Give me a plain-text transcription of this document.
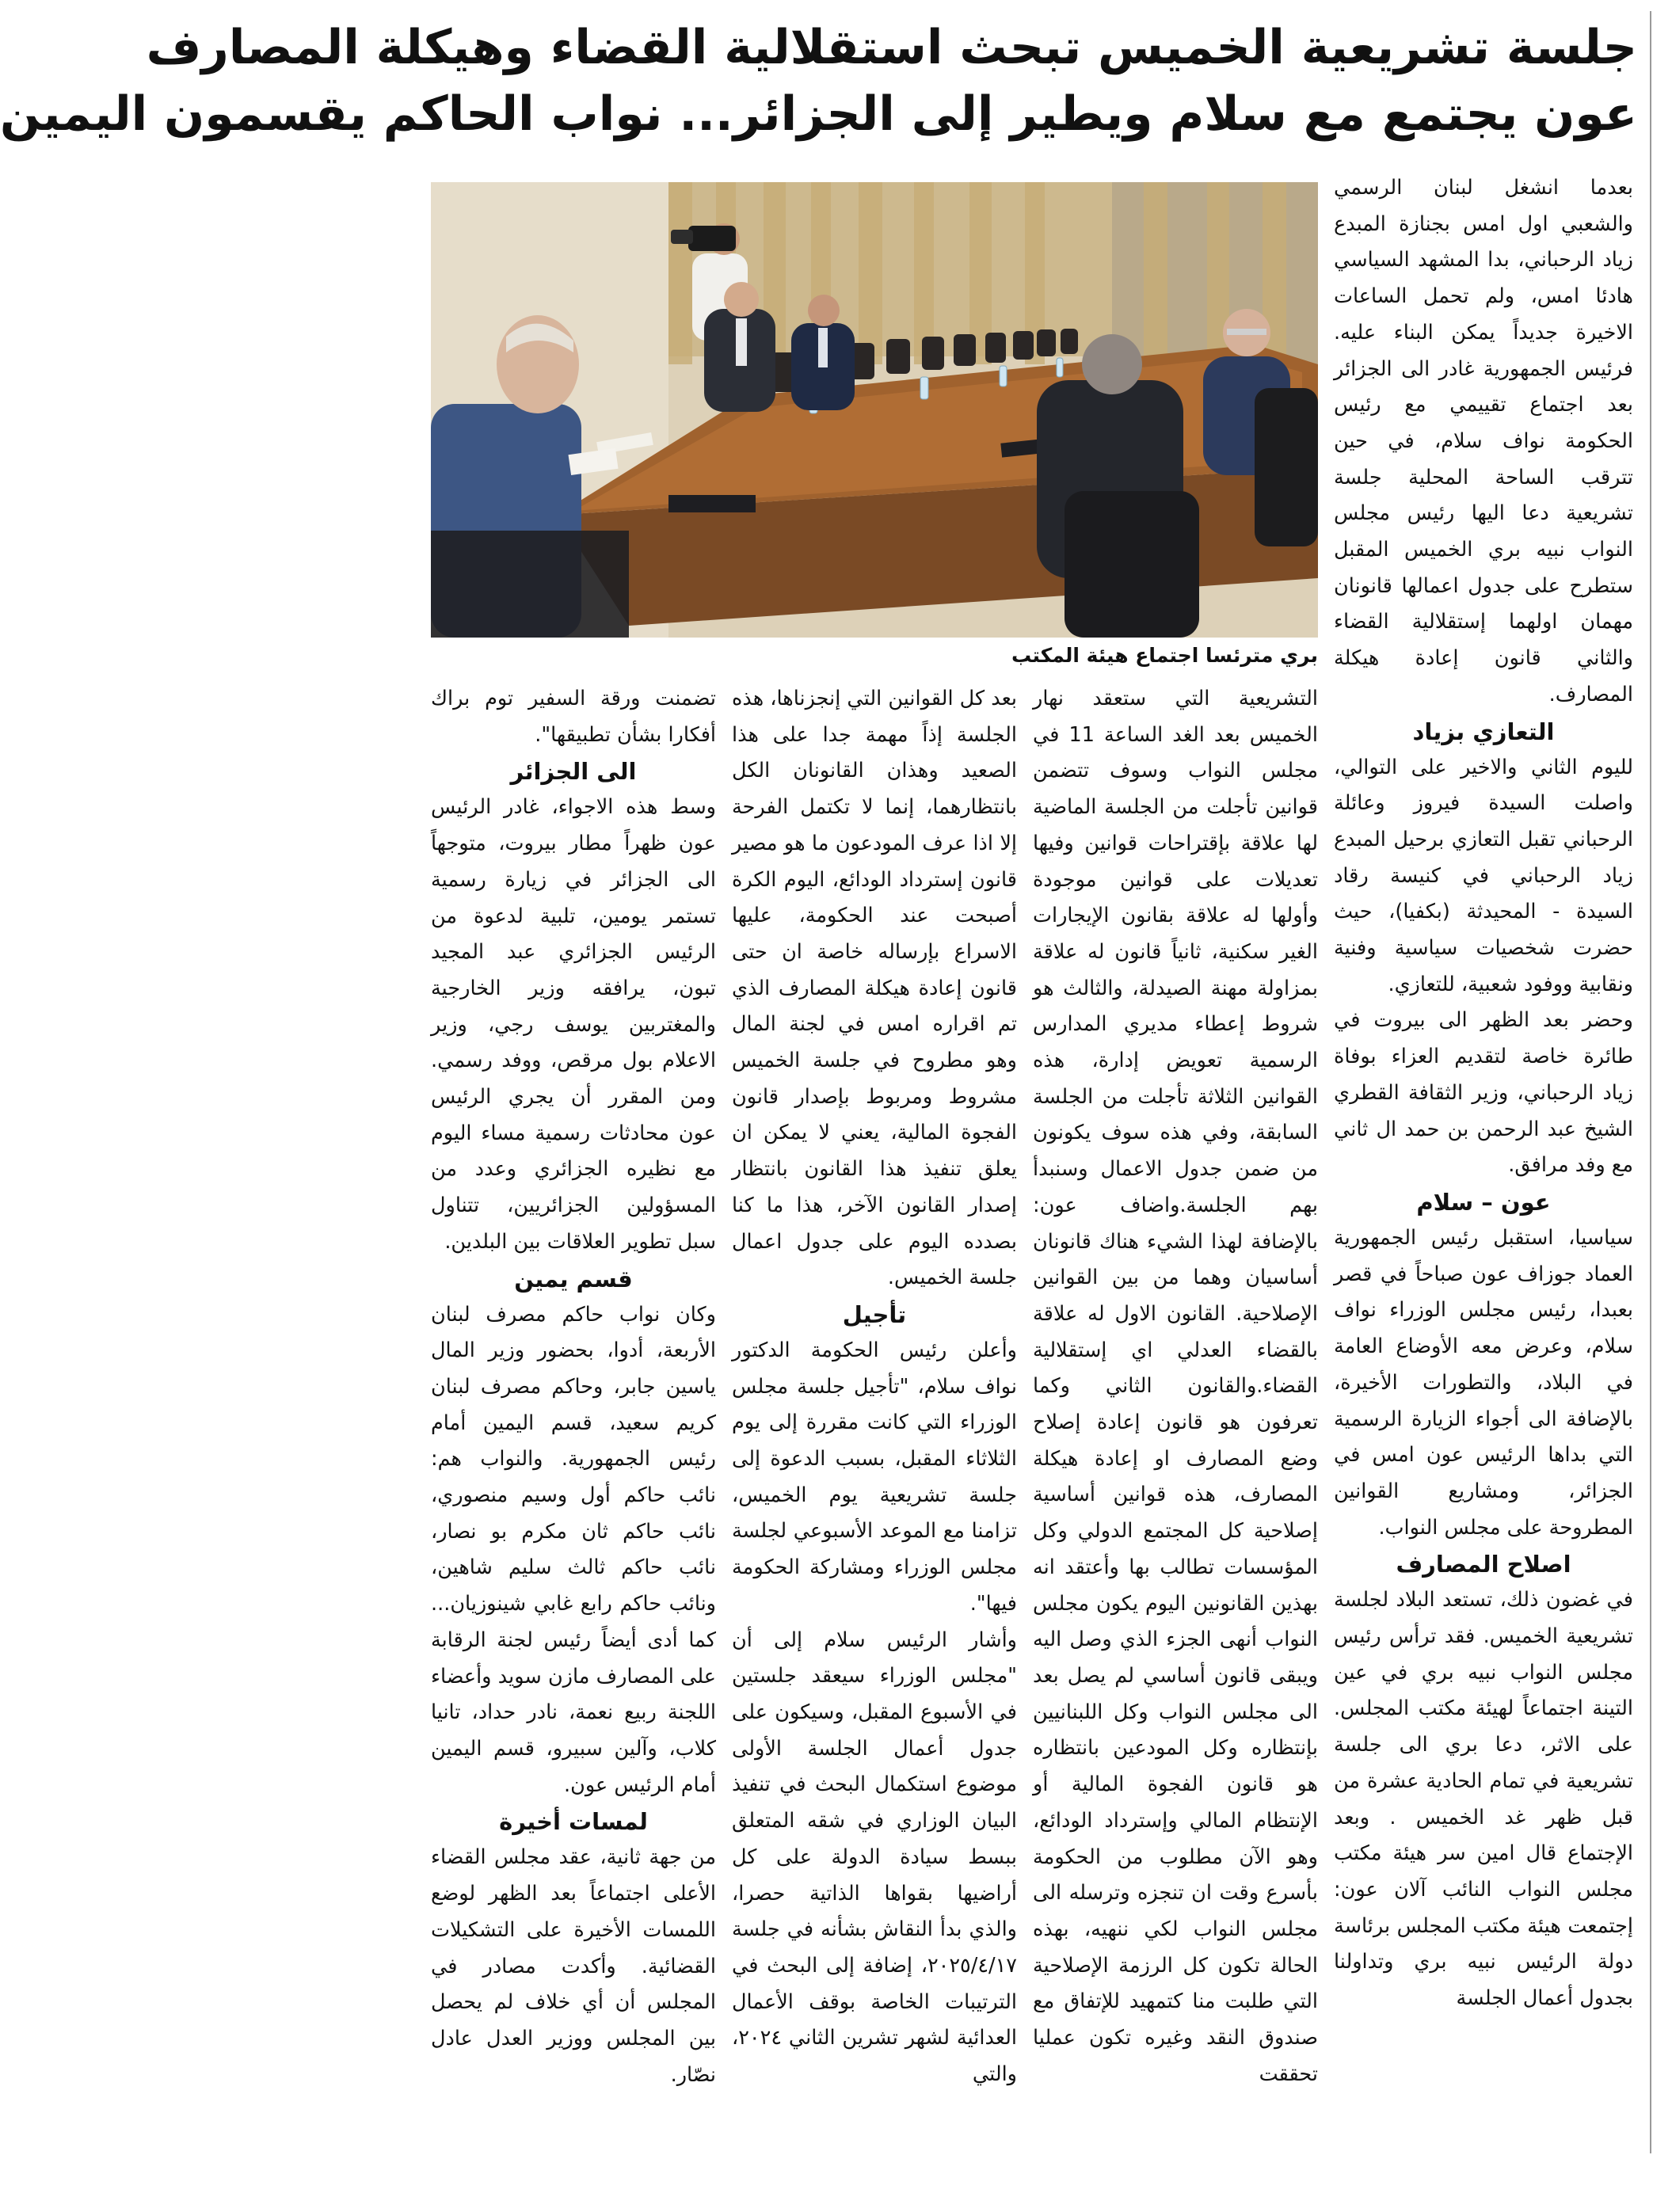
جلسة تشريعية الخميس تبحث استقلالية القضاء وهيكلة المصارف
عون يجتمع مع سلام ويطير إلى الجزائر... نواب الحاكم يقسمون اليمين
بري مترئسا اجتماع هيئة المكتب

بعدما انشغل لبنان الرسمي والشعبي اول امس بجنازة المبدع زياد الرحباني، بدا المشهد السياسي هادئا امس، ولم تحمل الساعات الاخيرة جديداً يمكن البناء عليه. فرئيس الجمهورية غادر الى الجزائر بعد اجتماع تقييمي مع رئيس الحكومة نواف سلام، في حين تترقب الساحة المحلية جلسة تشريعية دعا اليها رئيس مجلس النواب نبيه بري الخميس المقبل ستطرح على جدول اعمالها قانونان مهمان اولهما إستقلالية القضاء والثاني قانون إعادة هيكلة المصارف.

التعازي بزياد

لليوم الثاني والاخير على التوالي، واصلت السيدة فيروز وعائلة الرحباني تقبل التعازي برحيل المبدع زياد الرحباني في كنيسة رقاد السيدة - المحيدثة (بكفيا)، حيث حضرت شخصيات سياسية وفنية ونقابية ووفود شعبية، للتعازي.

وحضر بعد الظهر الى بيروت في طائرة خاصة لتقديم العزاء بوفاة زياد الرحباني، وزير الثقافة القطري الشيخ عبد الرحمن بن حمد ال ثاني مع وفد مرافق.

عون – سلام

سياسيا، استقبل رئيس الجمهورية العماد جوزاف عون صباحاً في قصر بعبدا، رئيس مجلس الوزراء نواف سلام، وعرض معه الأوضاع العامة في البلاد، والتطورات الأخيرة، بالإضافة الى أجواء الزيارة الرسمية التي بداها الرئيس عون امس في الجزائر، ومشاريع القوانين المطروحة على مجلس النواب.

اصلاح المصارف

في غضون ذلك، تستعد البلاد لجلسة تشريعية الخميس. فقد ترأس رئيس مجلس النواب نبيه بري في عين التينة اجتماعاً لهيئة مكتب المجلس. على الاثر، دعا بري الى جلسة تشريعية في تمام الحادية عشرة من قبل ظهر غد الخميس . وبعد الإجتماع قال امين سر هيئة مكتب مجلس النواب النائب آلان عون: إجتمعت هيئة مكتب المجلس برئاسة دولة الرئيس نبيه بري وتداولنا بجدول أعمال الجلسة

التشريعية التي ستعقد نهار الخميس بعد الغد الساعة 11 في مجلس النواب وسوف تتضمن قوانين تأجلت من الجلسة الماضية لها علاقة بإقتراحات قوانين وفيها تعديلات على قوانين موجودة وأولها له علاقة بقانون الإيجارات الغير سكنية، ثانياً قانون له علاقة بمزاولة مهنة الصيدلة، والثالث هو شروط إعطاء مديري المدارس الرسمية تعويض إدارة، هذه القوانين الثلاثة تأجلت من الجلسة السابقة، وفي هذه سوف يكونون من ضمن جدول الاعمال وسنبدأ بهم الجلسة.واضاف عون: بالإضافة لهذا الشيء هناك قانونان أساسيان وهما من بين القوانين الإصلاحية. القانون الاول له علاقة بالقضاء العدلي اي إستقلالية القضاء.والقانون الثاني وكما تعرفون هو قانون إعادة إصلاح وضع المصارف او إعادة هيكلة المصارف، هذه قوانين أساسية إصلاحية كل المجتمع الدولي وكل المؤسسات تطالب بها وأعتقد انه بهذين القانونين اليوم يكون مجلس النواب أنهى الجزء الذي وصل اليه ويبقى قانون أساسي لم يصل بعد الى مجلس النواب وكل اللبنانيين بإنتظاره وكل المودعين بانتظاره هو قانون الفجوة المالية أو الإنتظام المالي وإسترداد الودائع، وهو الآن مطلوب من الحكومة بأسرع وقت ان تنجزه وترسله الى مجلس النواب لكي ننهيه، بهذه الحالة تكون كل الرزمة الإصلاحية التي طلبت منا كتمهيد للإتفاق مع صندوق النقد وغيره تكون عمليا تحققت

بعد كل القوانين التي إنجزناها، هذه الجلسة إذاً مهمة جدا على هذا الصعيد وهذان القانونان الكل بانتظارهما، إنما لا تكتمل الفرحة إلا اذا عرف المودعون ما هو مصير قانون إسترداد الودائع، اليوم الكرة أصبحت عند الحكومة، عليها الاسراع بإرساله خاصة ان حتى قانون إعادة هيكلة المصارف الذي تم اقراره امس في لجنة المال وهو مطروح في جلسة الخميس مشروط ومربوط بإصدار قانون الفجوة المالية، يعني لا يمكن ان يعلق تنفيذ هذا القانون بانتظار إصدار القانون الآخر، هذا ما كنا بصدده اليوم على جدول اعمال جلسة الخميس.

تأجيل

وأعلن رئيس الحكومة الدكتور نواف سلام، "تأجيل جلسة مجلس الوزراء التي كانت مقررة إلى يوم الثلاثاء المقبل، بسبب الدعوة إلى جلسة تشريعية يوم الخميس، تزامنا مع الموعد الأسبوعي لجلسة مجلس الوزراء ومشاركة الحكومة فيها".

وأشار الرئيس سلام إلى أن "مجلس الوزراء سيعقد جلستين في الأسبوع المقبل، وسيكون على جدول أعمال الجلسة الأولى موضوع استكمال البحث في تنفيذ البيان الوزاري في شقه المتعلق ببسط سيادة الدولة على كل أراضيها بقواها الذاتية حصرا، والذي بدأ النقاش بشأنه في جلسة ٢٠٢٥/٤/١٧، إضافة إلى البحث في الترتيبات الخاصة بوقف الأعمال العدائية لشهر تشرين الثاني ٢٠٢٤، والتي

تضمنت ورقة السفير توم براك أفكارا بشأن تطبيقها".

الى الجزائر

وسط هذه الاجواء، غادر الرئيس عون ظهراً مطار بيروت، متوجهاً الى الجزائر في زيارة رسمية تستمر يومين، تلبية لدعوة من الرئيس الجزائري عبد المجيد تبون، يرافقه وزير الخارجية والمغتربين يوسف رجي، وزير الاعلام بول مرقص، ووفد رسمي. ومن المقرر أن يجري الرئيس عون محادثات رسمية مساء اليوم مع نظيره الجزائري وعدد من المسؤولين الجزائريين، تتناول سبل تطوير العلاقات بين البلدين.

قسم يمين

وكان نواب حاكم مصرف لبنان الأربعة، أدوا، بحضور وزير المال ياسين جابر، وحاكم مصرف لبنان كريم سعيد، قسم اليمين أمام رئيس الجمهورية. والنواب هم: نائب حاكم أول وسيم منصوري، نائب حاكم ثان مكرم بو نصار، نائب حاكم ثالث سليم شاهين، ونائب حاكم رابع غابي شينوزيان... كما أدى أيضاً رئيس لجنة الرقابة على المصارف مازن سويد وأعضاء اللجنة ربيع نعمة، نادر حداد، تانيا كلاب، وآلين سبيرو، قسم اليمين أمام الرئيس عون.

لمسات أخيرة

من جهة ثانية، عقد مجلس القضاء الأعلى اجتماعاً بعد الظهر لوضع اللمسات الأخيرة على التشكيلات القضائية. وأكدت مصادر في المجلس أن أي خلاف لم يحصل بين المجلس ووزير العدل عادل نصّار.
